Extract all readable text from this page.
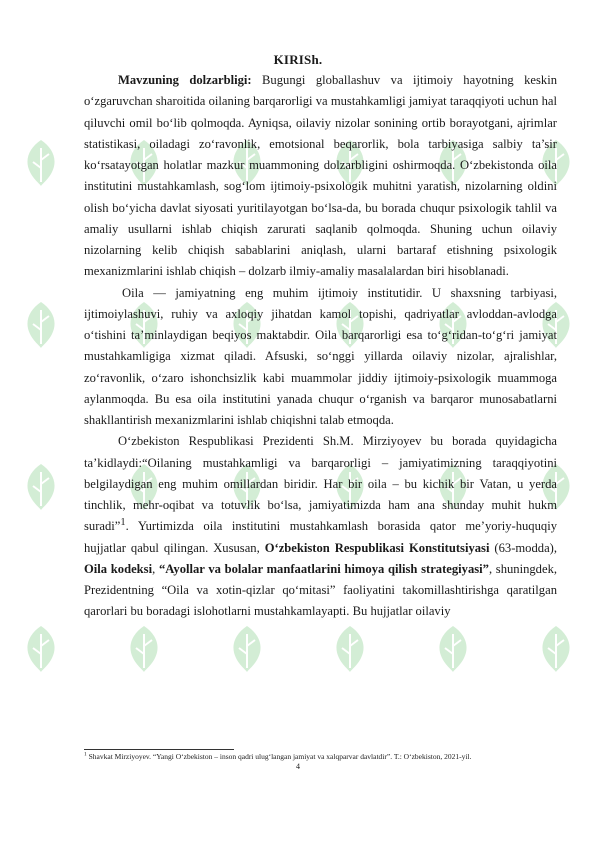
KIRISh.

Mavzuning dolzarbligi: Bugungi globallashuv va ijtimoiy hayotning keskin o‘zgaruvchan sharoitida oilaning barqarorligi va mustahkamligi jamiyat taraqqiyoti uchun hal qiluvchi omil bo‘lib qolmoqda. Ayniqsa, oilaviy nizolar sonining ortib borayotgani, ajrimlar statistikasi, oiladagi zo‘ravonlik, emotsional beqarorlik, bola tarbiyasiga salbiy ta’sir ko‘rsatayotgan holatlar mazkur muammoning dolzarbligini oshirmoqda. O‘zbekistonda oila institutini mustahkamlash, sog‘lom ijtimoiy-psixologik muhitni yaratish, nizolarning oldini olish bo‘yicha davlat siyosati yuritilayotgan bo‘lsa-da, bu borada chuqur psixologik tahlil va amaliy usullarni ishlab chiqish zarurati saqlanib qolmoqda. Shuning uchun oilaviy nizolarning kelib chiqish sabablarini aniqlash, ularni bartaraf etishning psixologik mexanizmlarini ishlab chiqish – dolzarb ilmiy-amaliy masalalardan biri hisoblanadi.

Oila — jamiyatning eng muhim ijtimoiy institutidir. U shaxsning tarbiyasi, ijtimoiylashuvi, ruhiy va axloqiy jihatdan kamol topishi, qadriyatlar avloddan-avlodga o‘tishini ta’minlaydigan beqiyos maktabdir. Oila barqarorligi esa to‘g‘ridan-to‘g‘ri jamiyat mustahkamligiga xizmat qiladi. Afsuski, so‘nggi yillarda oilaviy nizolar, ajralishlar, zo‘ravonlik, o‘zaro ishonchsizlik kabi muammolar jiddiy ijtimoiy-psixologik muammoga aylanmoqda. Bu esa oila institutini yanada chuqur o‘rganish va barqaror munosabatlarni shakllantirish mexanizmlarini ishlab chiqishni talab etmoqda.

O‘zbekiston Respublikasi Prezidenti Sh.M. Mirziyoyev bu borada quyidagicha ta’kidlaydi:“Oilaning mustahkamligi va barqarorligi – jamiyatimizning taraqqiyotini belgilaydigan eng muhim omillardan biridir. Har bir oila – bu kichik bir Vatan, u yerda tinchlik, mehr-oqibat va totuvlik bo‘lsa, jamiyatimizda ham ana shunday muhit hukm suradi”$^1$. Yurtimizda oila institutini mustahkamlash borasida qator me’yoriy-huquqiy hujjatlar qabul qilingan. Xususan, O‘zbekiston Respublikasi Konstitutsiyasi (63-modda), Oila kodeksi, “Ayollar va bolalar manfaatlarini himoya qilish strategiyasi”, shuningdek, Prezidentning “Oila va xotin-qizlar qo‘mitasi” faoliyatini takomillashtirishga qaratilgan qarorlari bu boradagi islohotlarni mustahkamlayapti. Bu hujjatlar oilaviy

$^1$ Shavkat Mirziyoyev. “Yangi O‘zbekiston – inson qadri ulug‘langan jamiyat va xalqparvar davlatdir”. T.: O‘zbekiston, 2021-yil.
4
